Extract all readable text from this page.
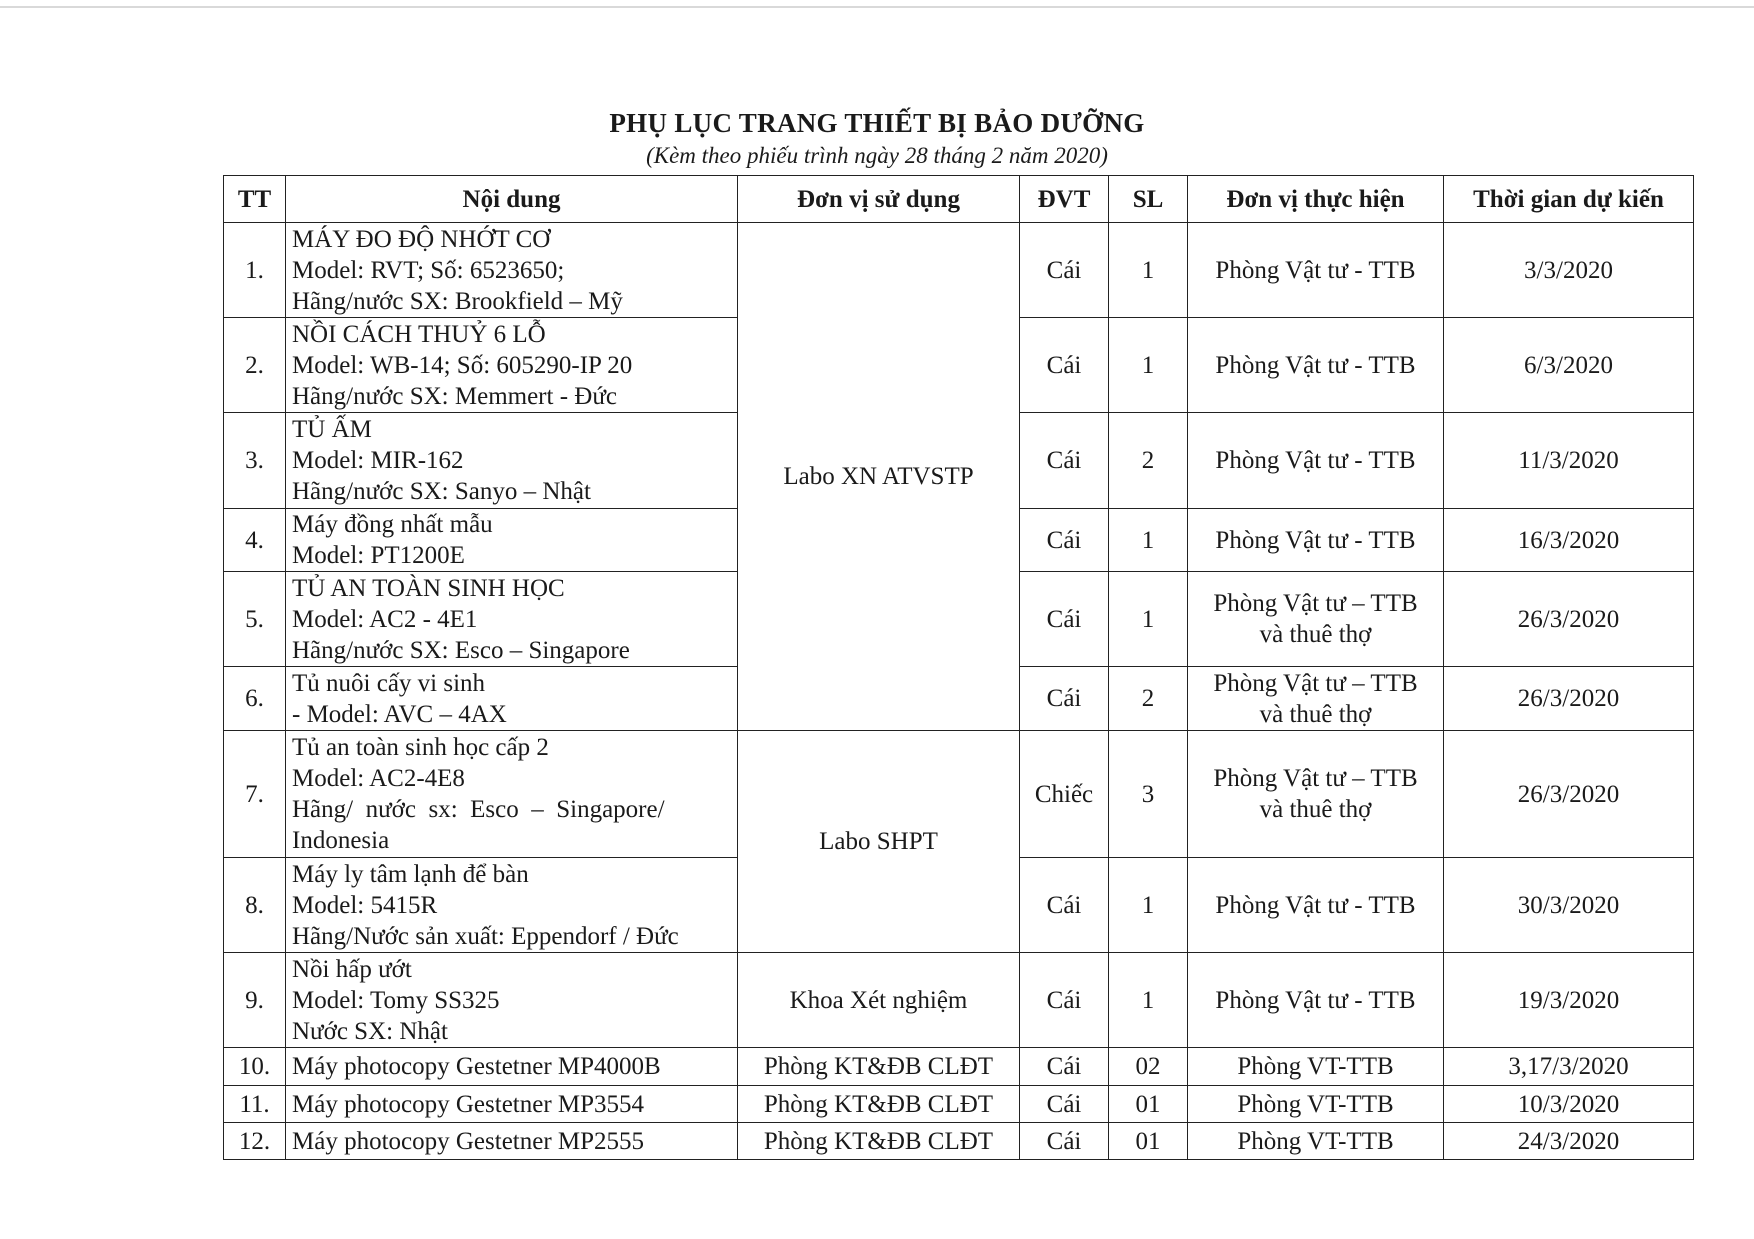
PHỤ LỤC TRANG THIẾT BỊ BẢO DƯỠNG
(Kèm theo phiếu trình ngày 28 tháng 2 năm 2020)
TT	Nội dung	Đơn vị sử dụng	ĐVT	SL	Đơn vị thực hiện	Thời gian dự kiến
1.	MÁY ĐO ĐỘ NHỚT CƠ
Model: RVT; Số: 6523650;
Hãng/nước SX: Brookfield – Mỹ	Labo XN ATVSTP	Cái	1	Phòng Vật tư - TTB	3/3/2020
2.	NỒI CÁCH THUỶ 6 LỖ
Model: WB-14; Số: 605290-IP 20
Hãng/nước SX: Memmert - Đức		Cái	1	Phòng Vật tư - TTB	6/3/2020
3.	TỦ ẤM
Model: MIR-162
Hãng/nước SX: Sanyo – Nhật		Cái	2	Phòng Vật tư - TTB	11/3/2020
4.	Máy đồng nhất mẫu
Model: PT1200E		Cái	1	Phòng Vật tư - TTB	16/3/2020
5.	TỦ AN TOÀN SINH HỌC
Model: AC2 - 4E1
Hãng/nước SX: Esco – Singapore		Cái	1	Phòng Vật tư – TTB
và thuê thợ	26/3/2020
6.	Tủ nuôi cấy vi sinh
- Model: AVC – 4AX		Cái	2	Phòng Vật tư – TTB
và thuê thợ	26/3/2020
7.	Tủ an toàn sinh học cấp 2
Model: AC2-4E8
Hãng/  nước  sx:  Esco  –  Singapore/
Indonesia	Labo SHPT	Chiếc	3	Phòng Vật tư – TTB
và thuê thợ	26/3/2020
8.	Máy ly tâm lạnh để bàn
Model: 5415R
Hãng/Nước sản xuất: Eppendorf / Đức		Cái	1	Phòng Vật tư - TTB	30/3/2020
9.	Nồi hấp ướt
Model: Tomy SS325
Nước SX: Nhật	Khoa Xét nghiệm	Cái	1	Phòng Vật tư - TTB	19/3/2020
10.	Máy photocopy Gestetner MP4000B	Phòng KT&ĐB CLĐT	Cái	02	Phòng VT-TTB	3,17/3/2020
11.	Máy photocopy Gestetner MP3554	Phòng KT&ĐB CLĐT	Cái	01	Phòng VT-TTB	10/3/2020
12.	Máy photocopy Gestetner MP2555	Phòng KT&ĐB CLĐT	Cái	01	Phòng VT-TTB	24/3/2020
